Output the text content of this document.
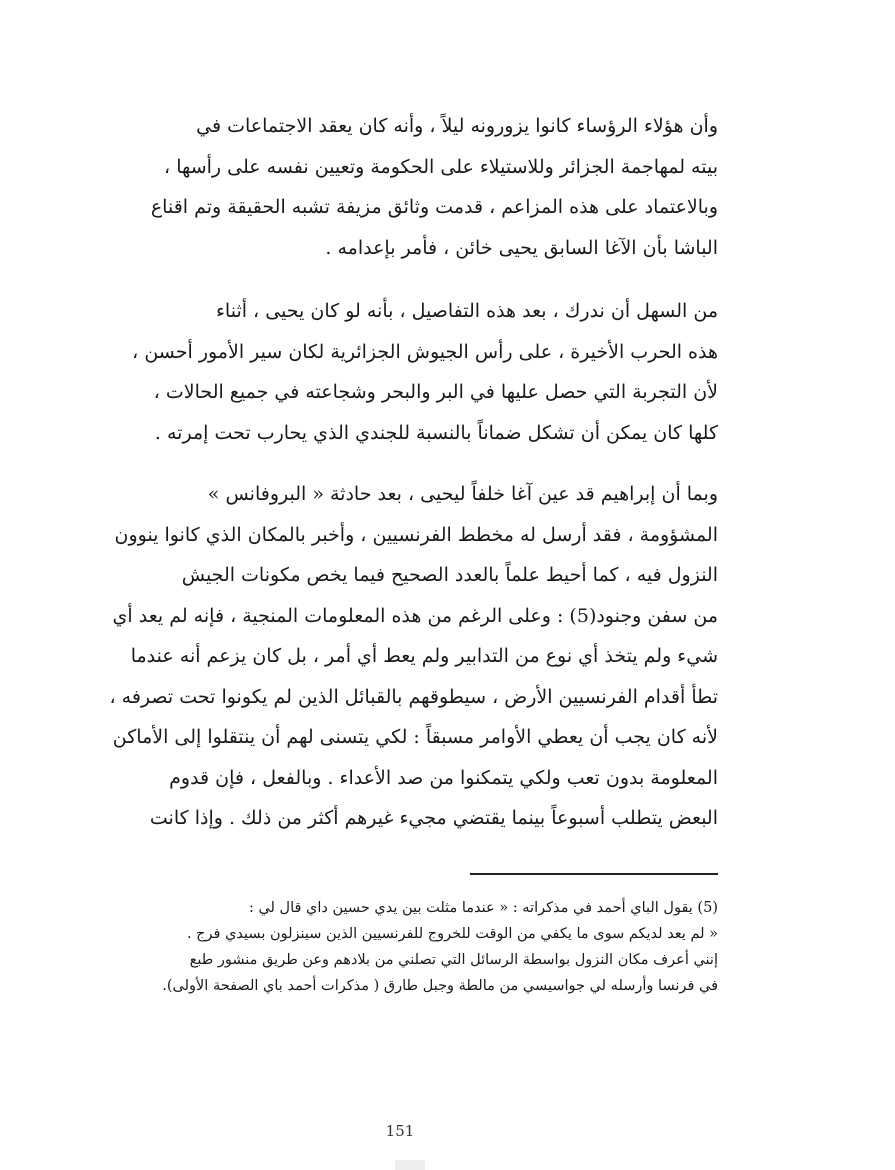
وأن هؤلاء الرؤساء كانوا يزورونه ليلاً ، وأنه كان يعقد الاجتماعات في
بيته لمهاجمة الجزائر وللاستيلاء على الحكومة وتعيين نفسه على رأسها ،
وبالاعتماد على هذه المزاعم ، قدمت وثائق مزيفة تشبه الحقيقة وتم اقناع
الباشا بأن الآغا السابق يحيى خائن ، فأمر بإعدامه .
من السهل أن ندرك ، بعد هذه التفاصيل ، بأنه لو كان يحيى ، أثناء
هذه الحرب الأخيرة ، على رأس الجيوش الجزائرية لكان سير الأمور أحسن ،
لأن التجربة التي حصل عليها في البر والبحر وشجاعته في جميع الحالات ،
كلها كان يمكن أن تشكل ضماناً بالنسبة للجندي الذي يحارب تحت إمرته .
وبما أن إبراهيم قد عين آغا خلفاً ليحيى ، بعد حادثة « البروفانس »
المشؤومة ، فقد أرسل له مخطط الفرنسيين ، وأخبر بالمكان الذي كانوا ينوون
النزول فيه ، كما أحيط علماً بالعدد الصحيح فيما يخص مكونات الجيش
من سفن وجنود(5) : وعلى الرغم من هذه المعلومات المنجية ، فإنه لم يعد أي
شيء ولم يتخذ أي نوع من التدابير ولم يعط أي أمر ، بل كان يزعم أنه عندما
تطأ أقدام الفرنسيين الأرض ، سيطوقهم بالقبائل الذين لم يكونوا تحت تصرفه ،
لأنه كان يجب أن يعطي الأوامر مسبقاً : لكي يتسنى لهم أن ينتقلوا إلى الأماكن
المعلومة بدون تعب ولكي يتمكنوا من صد الأعداء . وبالفعل ، فإن قدوم
البعض يتطلب أسبوعاً بينما يقتضي مجيء غيرهم أكثر من ذلك . وإذا كانت
(5) يقول الباي أحمد في مذكراته : « عندما مثلت بين يدي حسين داي قال لي :
« لم يعد لديكم سوى ما يكفي من الوقت للخروج للفرنسيين الذين سينزلون بسيدي فرج .
إنني أعرف مكان النزول بواسطة الرسائل التي تصلني من بلادهم وعن طريق منشور طبع
في فرنسا وأرسله لي جواسيسي من مالطة وجبل طارق ( مذكرات أحمد باي الصفحة الأولى).
151
